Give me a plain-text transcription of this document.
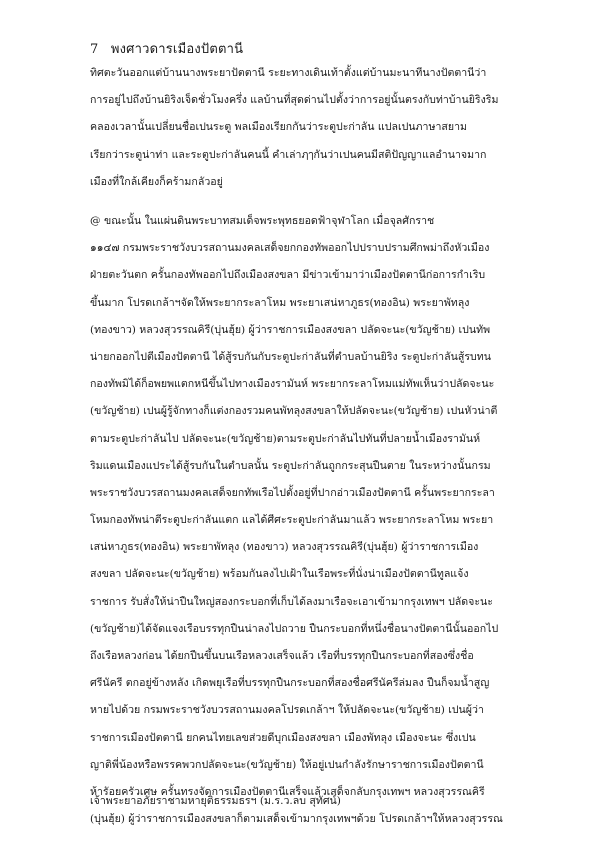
7 พงศาวดารเมืองปัตตานี
ทิศตะวันออกแต่บ้านนางพระยาปัตตานี ระยะทางเดินเท้าตั้งแต่บ้านมะนาทีนางปัตตานีว่า
การอยู่ไปถึงบ้านยิริงเจ็ดชั่วโมงครึ่ง แลบ้านที่สุดด่านไปตั้งว่าการอยู่นั้นตรงกับท่าบ้านยิริงริม
คลองเวลานั้นเปลี่ยนชื่อเปนระตู พลเมืองเรียกกันว่าระตูปะก่าลัน แปลเปนภาษาสยาม
เรียกว่าระตูน่าท่า และระตูปะก่าลันคนนี้ คำเล่าฦๅกันว่าเปนคนมีสติปัญญาแลอำนาจมาก
เมืองที่ใกล้เคียงก็คร้ามกลัวอยู่
@ ขณะนั้น ในแผ่นดินพระบาทสมเด็จพระพุทธยอดฟ้าจุฬาโลก เมื่อจุลศักราช
๑๑๔๗ กรมพระราชวังบวรสถานมงคลเสด็จยกกองทัพออกไปปราบปรามศึกพม่าถึงหัวเมือง
ฝ่ายตะวันตก ครั้นกองทัพออกไปถึงเมืองสงขลา มีข่าวเข้ามาว่าเมืองปัตตานีก่อการกำเริบ
ขึ้นมาก โปรดเกล้าฯจัดให้พระยากระลาโหม พระยาเสน่หาภูธร(ทองอิน) พระยาพัทลุง
(ทองขาว) หลวงสุวรรณคิรี(บุ่นฮุ้ย) ผู้ว่าราชการเมืองสงขลา ปลัดจะนะ(ขวัญช้าย) เปนทัพ
น่ายกออกไปตีเมืองปัตตานี ได้สู้รบกันกับระตูปะก่าลันที่ตำบลบ้านยิริง ระตูปะก่าลันสู้รบทน
กองทัพมิได้ก็อพยพแตกหนีขึ้นไปทางเมืองรามันห์ พระยากระลาโหมแม่ทัพเห็นว่าปลัดจะนะ
(ขวัญช้าย) เปนผู้รู้จักทางก็แต่งกองรวมคนพัทลุงสงขลาให้ปลัดจะนะ(ขวัญช้าย) เปนหัวน่าตี
ตามระตูปะก่าลันไป ปลัดจะนะ(ขวัญช้าย)ตามระตูปะก่าลันไปทันที่ปลายน้ำเมืองรามันห์
ริมแดนเมืองแประได้สู้รบกันในตำบลนั้น ระตูปะก่าลันถูกกระสุนปืนตาย ในระหว่างนั้นกรม
พระราชวังบวรสถานมงคลเสด็จยกทัพเรือไปตั้งอยู่ที่ปากอ่าวเมืองปัตตานี ครั้นพระยากระลา
โหมกองทัพน่าตีระตูปะก่าลันแตก แลได้ศีศะระตูปะก่าลันมาแล้ว พระยากระลาโหม พระยา
เสน่หาภูธร(ทองอิน) พระยาพัทลุง (ทองขาว) หลวงสุวรรณคิรี(บุ่นฮุ้ย) ผู้ว่าราชการเมือง
สงขลา ปลัดจะนะ(ขวัญช้าย) พร้อมกันลงไปเฝ้าในเรือพระที่นั่งน่าเมืองปัตตานีทูลแจ้ง
ราชการ รับสั่งให้น่าปืนใหญ่สองกระบอกที่เก็บได้ลงมาเรือจะเอาเข้ามากรุงเทพฯ ปลัดจะนะ
(ขวัญช้าย)ได้จัดแจงเรือบรรทุกปืนน่าลงไปถวาย ปืนกระบอกที่หนึ่งชื่อนางปัตตานีนั้นออกไป
ถึงเรือหลวงก่อน ได้ยกปืนขึ้นบนเรือหลวงเสร็จแล้ว เรือที่บรรทุกปืนกระบอกที่สองซึ่งชื่อ
ศรีนัครี ตกอยู่ข้างหลัง เกิดพยุเรือที่บรรทุกปืนกระบอกที่สองชื่อศรีนัครีล่มลง ปืนก็จมน้ำสูญ
หายไปด้วย กรมพระราชวังบวรสถานมงคลโปรดเกล้าฯ ให้ปลัดจะนะ(ขวัญช้าย) เปนผู้ว่า
ราชการเมืองปัตตานี ยกคนไทยเลขส่วยดีบุกเมืองสงขลา เมืองพัทลุง เมืองจะนะ ซึ่งเปน
ญาติพี่น้องหรือพรรคพวกปลัดจะนะ(ขวัญช้าย) ให้อยู่เปนกำลังรักษาราชการเมืองปัตตานี
ห้ารัอยครัวเศษ ครั้นทรงจัดการเมืองปัตตานีเสร็จแล้วเสด็จกลับกรุงเทพฯ หลวงสุวรรณคิรี
(บุ่นฮุ้ย) ผู้ว่าราชการเมืองสงขลาก็ตามเสด็จเข้ามากรุงเทพฯด้วย โปรดเกล้าฯให้หลวงสุวรรณ
เจ้าพระยาอภัยราชามหายุติธรรมธรฯ (ม.ร.ว.ลบ สุทัศน์)
